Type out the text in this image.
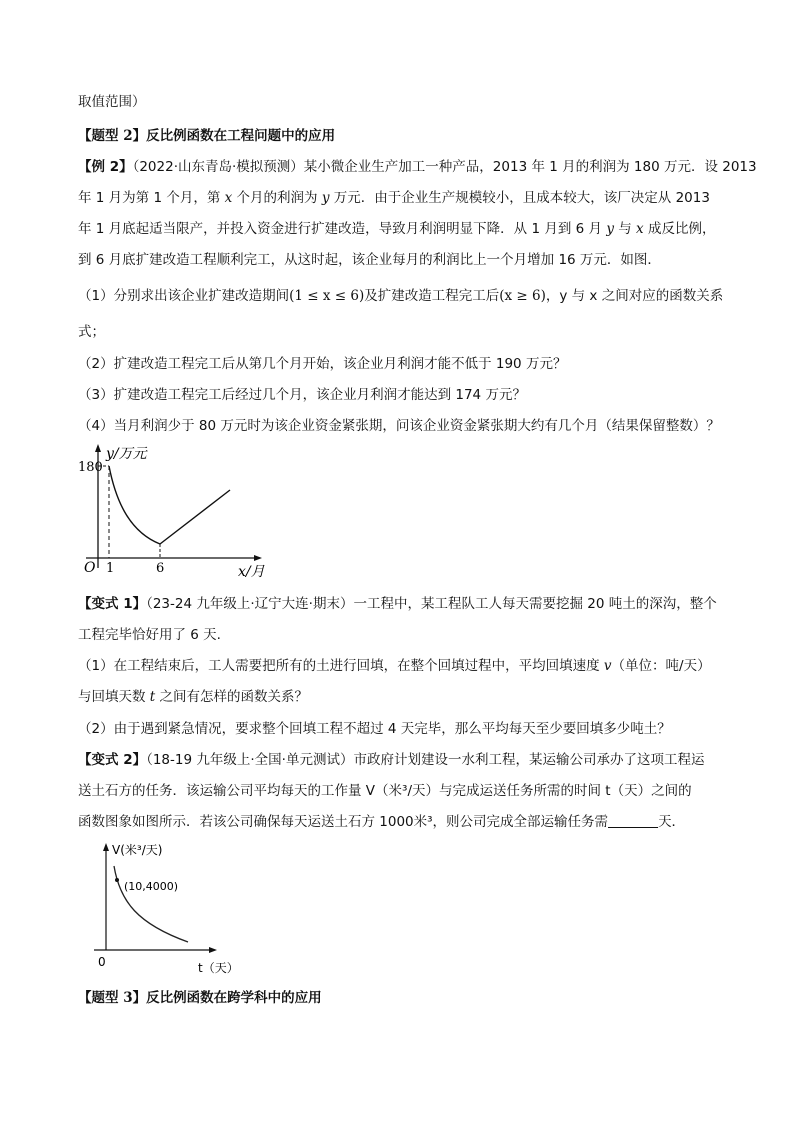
取值范围）
【题型 2】反比例函数在工程问题中的应用
【例 2】（2022·山东青岛·模拟预测）某小微企业生产加工一种产品，2013 年 1 月的利润为 180 万元．设 2013
年 1 月为第 1 个月，第 x 个月的利润为 y 万元．由于企业生产规模较小，且成本较大，该厂决定从 2013
年 1 月底起适当限产，并投入资金进行扩建改造，导致月利润明显下降．从 1 月到 6 月 y 与 x 成反比例，
到 6 月底扩建改造工程顺利完工，从这时起，该企业每月的利润比上一个月增加 16 万元．如图．
（1）分别求出该企业扩建改造期间(1 ≤ x ≤ 6)及扩建改造工程完工后(x ≥ 6)，y 与 x 之间对应的函数关系
式；
（2）扩建改造工程完工后从第几个月开始，该企业月利润才能不低于 190 万元？
（3）扩建改造工程完工后经过几个月，该企业月利润才能达到 174 万元？
（4）当月利润少于 80 万元时为该企业资金紧张期，问该企业资金紧张期大约有几个月（结果保留整数）？
y/万元
180
O 1	6	x/月
【变式 1】（23-24 九年级上·辽宁大连·期末）一工程中，某工程队工人每天需要挖掘 20 吨土的深沟，整个
工程完毕恰好用了 6 天.
（1）在工程结束后，工人需要把所有的土进行回填，在整个回填过程中，平均回填速度 v（单位：吨/天）
与回填天数 t 之间有怎样的函数关系？
（2）由于遇到紧急情况，要求整个回填工程不超过 4 天完毕，那么平均每天至少要回填多少吨土？
【变式 2】（18-19 九年级上·全国·单元测试）市政府计划建设一水利工程，某运输公司承办了这项工程运
送土石方的任务．该运输公司平均每天的工作量 V（米³/天）与完成运送任务所需的时间 t（天）之间的
函数图象如图所示．若该公司确保每天运送土石方 1000米³，则公司完成全部运输任务需	天．
V(米³/天)
(10,4000)
0	t（天）
【题型 3】反比例函数在跨学科中的应用
